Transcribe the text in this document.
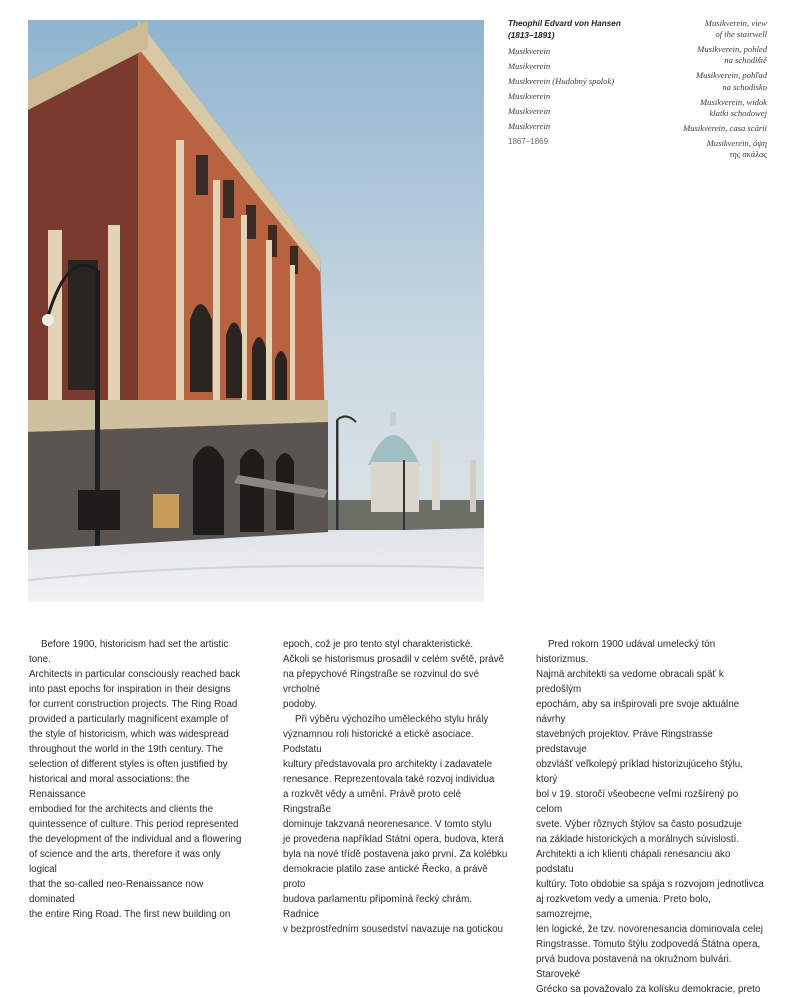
Theophil Edvard von Hansen
(1813–1891)
Musikverein
Musikverein
Musikverein (Hudobný spolok)
Musikverein
Musikverein
Musikverein
1867–1869
Musikverein, view
of the stairwell
Musikverein, pohled
na schodiště
Musikverein, pohľad
na schodisko
Musikverein, widok
klatki schodowej
Musikverein, casa scării
Musikverein, όψη
της σκάλας

Before 1900, historicism had set the artistic tone.

Architects in particular consciously reached back

into past epochs for inspiration in their designs

for current construction projects. The Ring Road

provided a particularly magnificent example of

the style of historicism, which was widespread

throughout the world in the 19th century. The

selection of different styles is often justified by

historical and moral associations: the Renaissance

embodied for the architects and clients the

quintessence of culture. This period represented

the development of the individual and a flowering

of science and the arts, therefore it was only logical

that the so-called neo-Renaissance now dominated

the entire Ring Road. The first new building on

epoch, což je pro tento styl charakteristické.

Ačkoli se historismus prosadil v celém světě, právě

na přepychové Ringstraße se rozvinul do své vrcholné

podoby.

Při výběru výchozího uměleckého stylu hrály

významnou roli historické a etické asociace. Podstatu

kultury představovala pro architekty i zadavatele

renesance. Reprezentovala také rozvoj individua

a rozkvět vědy a umění. Právě proto celé Ringstraße

dominuje takzvaná neorenesance. V tomto stylu

je provedena například Státní opera, budova, která

byla na nové třídě postavena jako první. Za kolébku

demokracie platilo zase antické Řecko, a právě proto

budova parlamentu připomíná řecký chrám. Radnice

v bezprostředním sousedství navazuje na gotickou

Pred rokom 1900 udával umelecký tón historizmus.

Najmä architekti sa vedome obracali späť k predošlým

epochám, aby sa inšpirovali pre svoje aktuálne návrhy

stavebných projektov. Práve Ringstrasse predstavuje

obzvlášť veľkolepý príklad historizujúceho štýlu, ktorý

bol v 19. storočí všeobecne veľmi rozšírený po celom

svete. Výber rôznych štýlov sa často posudzuje

na základe historických a morálnych súvislostí.

Architekti a ich klienti chápali renesanciu ako podstatu

kultúry. Toto obdobie sa spája s rozvojom jednotlivca

aj rozkvetom vedy a umenia. Preto bolo, samozrejme,

len logické, že tzv. novorenesancia dominovala celej

Ringstrasse. Tomuto štýlu zodpovedá Štátna opera,

prvá budova postavená na okružnom bulvári. Staroveké

Grécko sa považovalo za kolísku demokracie, preto
